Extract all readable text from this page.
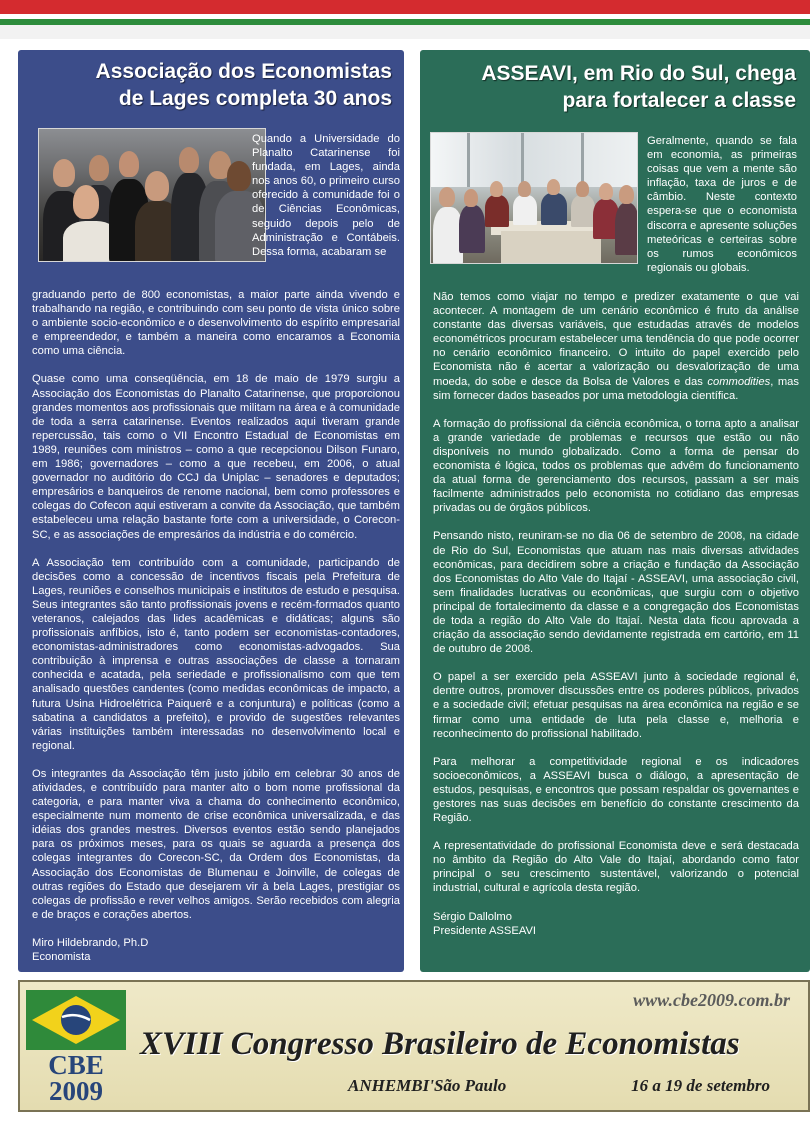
Associação dos Economistas
de Lages completa 30 anos
Quando a Universidade do Planalto Catarinense foi fundada, em Lages, ainda nos anos 60, o primeiro curso oferecido à comunidade foi o de Ciências Econômicas, seguido depois pelo de Administração e Contábeis. Dessa forma, acabaram se

graduando perto de 800 economistas, a maior parte ainda vivendo e trabalhando na região, e contribuindo com seu ponto de vista único sobre o ambiente socio-econômico e o desenvolvimento do espírito empresarial e empreendedor, e também a maneira como encaramos a Economia como uma ciência.

Quase como uma conseqüência, em 18 de maio de 1979 surgiu a Associação dos Economistas do Planalto Catarinense, que proporcionou grandes momentos aos profissionais que militam na área e à comunidade de toda a serra catarinense. Eventos realizados aqui tiveram grande repercussão, tais como o VII Encontro Estadual de Economistas em 1989, reuniões com ministros – como a que recepcionou Dilson Funaro, em 1986; governadores – como a que recebeu, em 2006, o atual governador no auditório do CCJ da Uniplac – senadores e deputados; empresários e banqueiros de renome nacional, bem como professores e colegas do Cofecon aqui estiveram a convite da Associação, que também estabeleceu uma relação bastante forte com a universidade, o Corecon-SC, e as associações de empresários da indústria e do comércio.

A Associação tem contribuído com a comunidade, participando de decisões como a concessão de incentivos fiscais pela Prefeitura de Lages, reuniões e conselhos municipais e institutos de estudo e pesquisa. Seus integrantes são tanto profissionais jovens e recém-formados quanto veteranos, calejados das lides acadêmicas e didáticas; alguns são profissionais anfíbios, isto é, tanto podem ser economistas-contadores, economistas-administradores como economistas-advogados. Sua contribuição à imprensa e outras associações de classe a tornaram conhecida e acatada, pela seriedade e profissionalismo com que tem analisado questões candentes (como medidas econômicas de impacto, a futura Usina Hidroelétrica Paiquerê e a conjuntura) e políticas (como a sabatina a candidatos a prefeito), e provido de sugestões relevantes várias instituições também interessadas no desenvolvimento local e regional.

Os integrantes da Associação têm justo júbilo em celebrar 30 anos de atividades, e contribuído para manter alto o bom nome profissional da categoria, e para manter viva a chama do conhecimento econômico, especialmente num momento de crise econômica universalizada, e das idéias dos grandes mestres. Diversos eventos estão sendo planejados para os próximos meses, para os quais se aguarda a presença dos colegas integrantes do Corecon-SC, da Ordem dos Economistas, da Associação dos Economistas de Blumenau e Joinville, de colegas de outras regiões do Estado que desejarem vir à bela Lages, prestigiar os colegas de profissão e rever velhos amigos. Serão recebidos com alegria e de braços e corações abertos.

Miro Hildebrando, Ph.D

Economista

ASSEAVI, em Rio do Sul, chega
para fortalecer a classe
Geralmente, quando se fala em economia, as primeiras coisas que vem a mente são inflação, taxa de juros e de câmbio. Neste contexto espera-se que o economista discorra e apresente soluções meteóricas e certeiras sobre os rumos econômicos regionais ou globais.

Não temos como viajar no tempo e predizer exatamente o que vai acontecer. A montagem de um cenário econômico é fruto da análise constante das diversas variáveis, que estudadas através de modelos econométricos procuram estabelecer uma tendência do que pode ocorrer no cenário econômico financeiro. O intuito do papel exercido pelo Economista não é acertar a valorização ou desvalorização de uma moeda, do sobe e desce da Bolsa de Valores e das commodities, mas sim fornecer dados baseados por uma metodologia científica.

A formação do profissional da ciência econômica, o torna apto a analisar a grande variedade de problemas e recursos que estão ou não disponíveis no mundo globalizado. Como a forma de pensar do economista é lógica, todos os problemas que advêm do funcionamento da atual forma de gerenciamento dos recursos, passam a ser mais facilmente administrados pelo economista no cotidiano das empresas privadas ou de órgãos públicos.

Pensando nisto, reuniram-se no dia 06 de setembro de 2008, na cidade de Rio do Sul, Economistas que atuam nas mais diversas atividades econômicas, para decidirem sobre a criação e fundação da Associação dos Economistas do Alto Vale do Itajaí - ASSEAVI, uma associação civil, sem finalidades lucrativas ou econômicas, que surgiu com o objetivo principal de fortalecimento da classe e a congregação dos Economistas de toda a região do Alto Vale do Itajaí. Nesta data ficou aprovada a criação da associação sendo devidamente registrada em cartório, em 11 de outubro de 2008.

O papel a ser exercido pela ASSEAVI junto à sociedade regional é, dentre outros, promover discussões entre os poderes públicos, privados e a sociedade civil; efetuar pesquisas na área econômica na região e se firmar como uma entidade de luta pela classe e, melhoria e reconhecimento do profissional habilitado.

Para melhorar a competitividade regional e os indicadores socioeconômicos, a ASSEAVI busca o diálogo, a apresentação de estudos, pesquisas, e encontros que possam respaldar os governantes e gestores nas suas decisões em benefício do constante crescimento da Região.

A representatividade do profissional Economista deve e será destacada no âmbito da Região do Alto Vale do Itajaí, abordando como fator principal o seu crescimento sustentável, valorizando o potencial industrial, cultural e agrícola desta região.

Sérgio Dallolmo

Presidente ASSEAVI

CBE
2009
www.cbe2009.com.br
XVIII Congresso Brasileiro de Economistas
ANHEMBI'São Paulo	16 a 19 de setembro
